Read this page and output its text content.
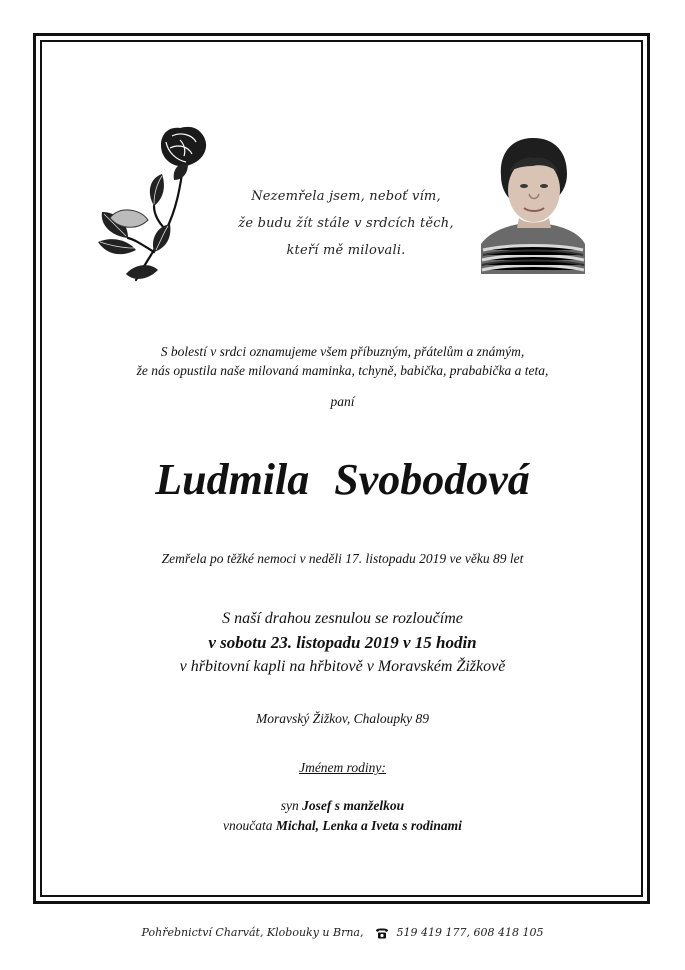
Nezemřela jsem, neboť vím,
že budu žít stále v srdcích těch,
kteří mě milovali.
S bolestí v srdci oznamujeme všem příbuzným, přátelům a známým,
že nás opustila naše milovaná maminka, tchyně, babička, prababička a teta,
paní
Ludmila Svobodová
Zemřela po těžké nemoci v neděli 17. listopadu 2019 ve věku 89 let
S naší drahou zesnulou se rozloučíme
v sobotu 23. listopadu 2019 v 15 hodin
v hřbitovní kapli na hřbitově v Moravském Žižkově
Moravský Žižkov, Chaloupky 89
Jménem rodiny:
syn Josef s manželkou
vnoučata Michal, Lenka a Iveta s rodinami
Pohřebnictví Charvát, Klobouky u Brna,	519 419 177, 608 418 105
